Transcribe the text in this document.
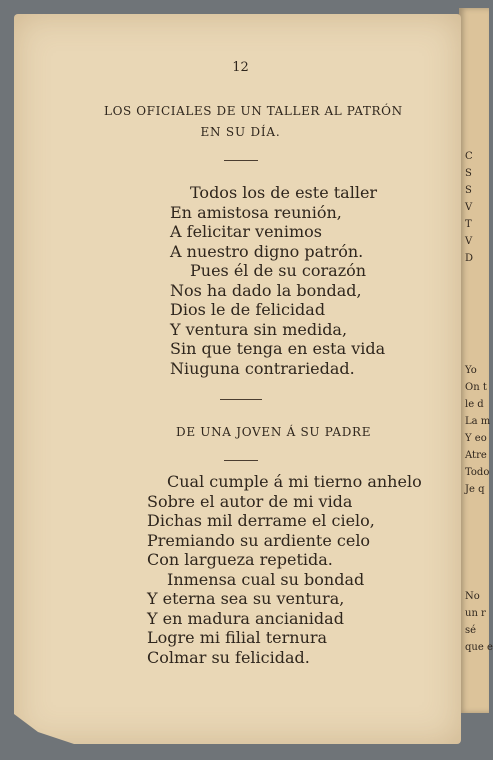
12
LOS OFICIALES DE UN TALLER AL PATRÓN
EN SU DÍA.
Todos los de este taller
En amistosa reunión,
A felicitar venimos
A nuestro digno patrón.
Pues él de su corazón
Nos ha dado la bondad,
Dios le de felicidad
Y ventura sin medida,
Sin que tenga en esta vida
Niuguna contrariedad.
DE UNA JOVEN Á SU PADRE
Cual cumple á mi tierno anhelo
Sobre el autor de mi vida
Dichas mil derrame el cielo,
Premiando su ardiente celo
Con largueza repetida.
Inmensa cual su bondad
Y eterna sea su ventura,
Y en madura ancianidad
Logre mi filial ternura
Colmar su felicidad.
C
S
S
V
T
V
D
Yo
On t
le d
La m
Y eo
Atre
Todo
Je q
No
un r
sé
que e
